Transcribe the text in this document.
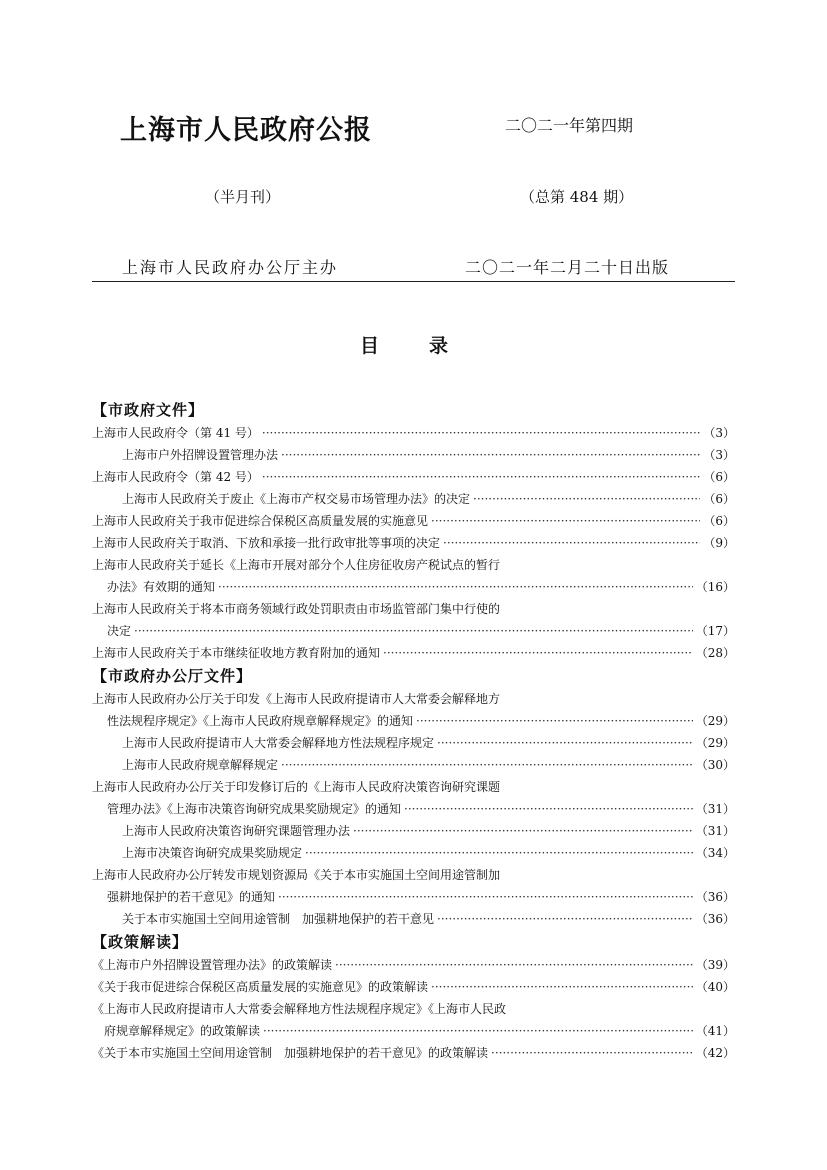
上海市人民政府公报	二〇二一年第四期
（半月刊）	（总第 484 期）
上海市人民政府办公厅主办	二〇二一年二月二十日出版
目录
【市政府文件】
上海市人民政府令（第 41 号） ·····	（3）
上海市户外招牌设置管理办法 ·····	（3）
上海市人民政府令（第 42 号） ·····	（6）
上海市人民政府关于废止《上海市产权交易市场管理办法》的决定 ·····	（6）
上海市人民政府关于我市促进综合保税区高质量发展的实施意见 ·····	（6）
上海市人民政府关于取消、下放和承接一批行政审批等事项的决定 ·····	（9）
上海市人民政府关于延长《上海市开展对部分个人住房征收房产税试点的暂行
办法》有效期的通知 ·····	（16）
上海市人民政府关于将本市商务领域行政处罚职责由市场监管部门集中行使的
决定 ·····	（17）
上海市人民政府关于本市继续征收地方教育附加的通知 ·····	（28）
【市政府办公厅文件】
上海市人民政府办公厅关于印发《上海市人民政府提请市人大常委会解释地方
性法规程序规定》《上海市人民政府规章解释规定》的通知 ·····	（29）
上海市人民政府提请市人大常委会解释地方性法规程序规定 ·····	（29）
上海市人民政府规章解释规定 ·····	（30）
上海市人民政府办公厅关于印发修订后的《上海市人民政府决策咨询研究课题
管理办法》《上海市决策咨询研究成果奖励规定》的通知 ·····	（31）
上海市人民政府决策咨询研究课题管理办法 ·····	（31）
上海市决策咨询研究成果奖励规定 ·····	（34）
上海市人民政府办公厅转发市规划资源局《关于本市实施国土空间用途管制加
强耕地保护的若干意见》的通知 ·····	（36）
关于本市实施国土空间用途管制　加强耕地保护的若干意见 ·····	（36）
【政策解读】
《上海市户外招牌设置管理办法》的政策解读 ·····	（39）
《关于我市促进综合保税区高质量发展的实施意见》的政策解读 ·····	（40）
《上海市人民政府提请市人大常委会解释地方性法规程序规定》《上海市人民政
府规章解释规定》的政策解读 ·····	（41）
《关于本市实施国土空间用途管制　加强耕地保护的若干意见》的政策解读 ·····	（42）
